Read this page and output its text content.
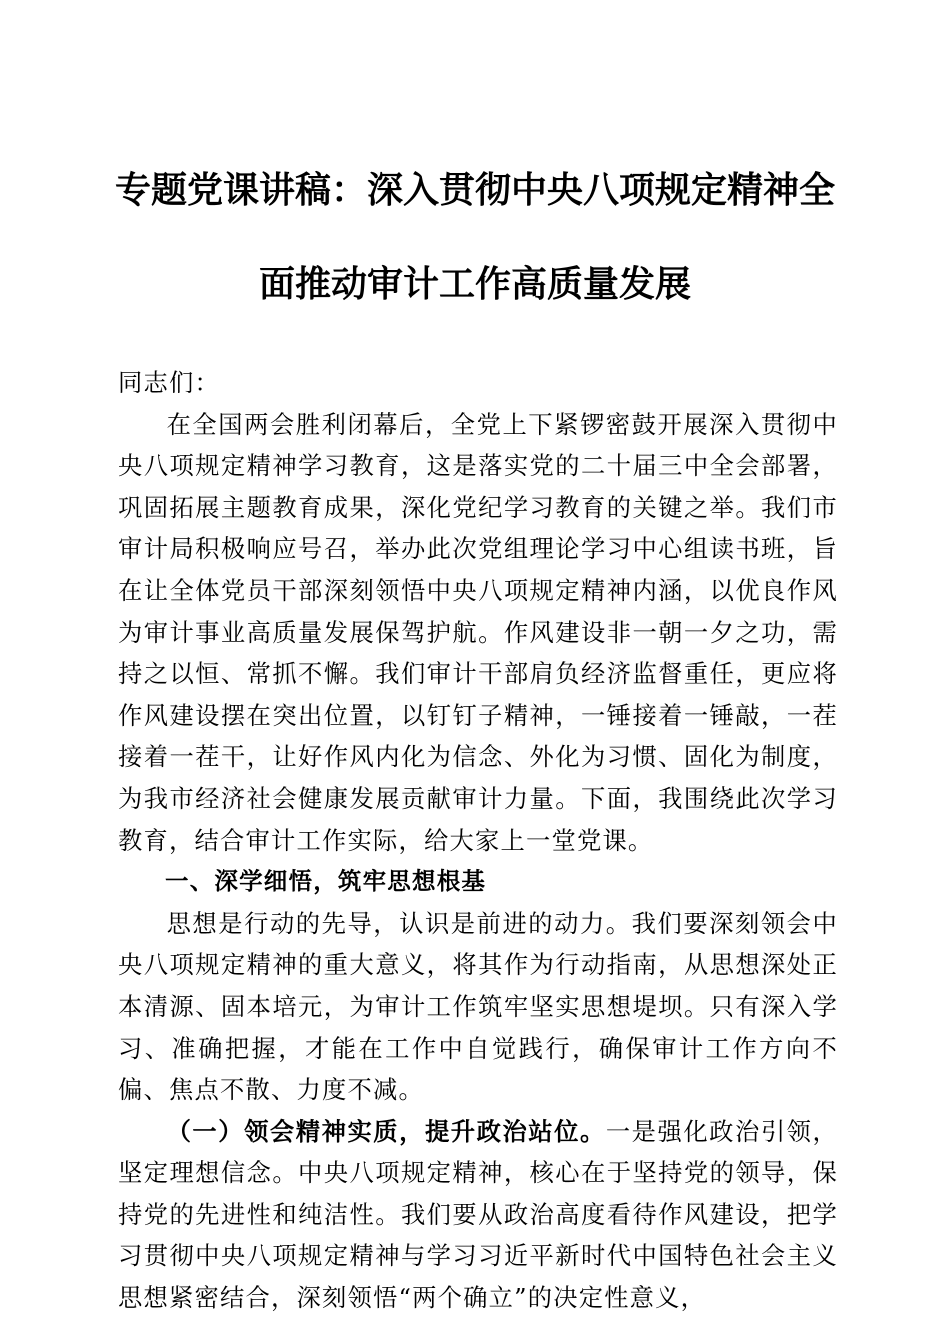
专题党课讲稿：深入贯彻中央八项规定精神全
面推动审计工作高质量发展

同志们：

在全国两会胜利闭幕后，全党上下紧锣密鼓开展深入贯彻中央八项规定精神学习教育，这是落实党的二十届三中全会部署，巩固拓展主题教育成果，深化党纪学习教育的关键之举。我们市审计局积极响应号召，举办此次党组理论学习中心组读书班，旨在让全体党员干部深刻领悟中央八项规定精神内涵，以优良作风为审计事业高质量发展保驾护航。作风建设非一朝一夕之功，需持之以恒、常抓不懈。我们审计干部肩负经济监督重任，更应将作风建设摆在突出位置，以钉钉子精神，一锤接着一锤敲，一茬接着一茬干，让好作风内化为信念、外化为习惯、固化为制度，为我市经济社会健康发展贡献审计力量。下面，我围绕此次学习教育，结合审计工作实际，给大家上一堂党课。

一、深学细悟，筑牢思想根基

思想是行动的先导，认识是前进的动力。我们要深刻领会中央八项规定精神的重大意义，将其作为行动指南，从思想深处正本清源、固本培元，为审计工作筑牢坚实思想堤坝。只有深入学习、准确把握，才能在工作中自觉践行，确保审计工作方向不偏、焦点不散、力度不减。

（一）领会精神实质，提升政治站位。一是强化政治引领，坚定理想信念。中央八项规定精神，核心在于坚持党的领导，保持党的先进性和纯洁性。我们要从政治高度看待作风建设，把学习贯彻中央八项规定精神与学习习近平新时代中国特色社会主义思想紧密结合，深刻领悟“两个确立”的决定性意义，
